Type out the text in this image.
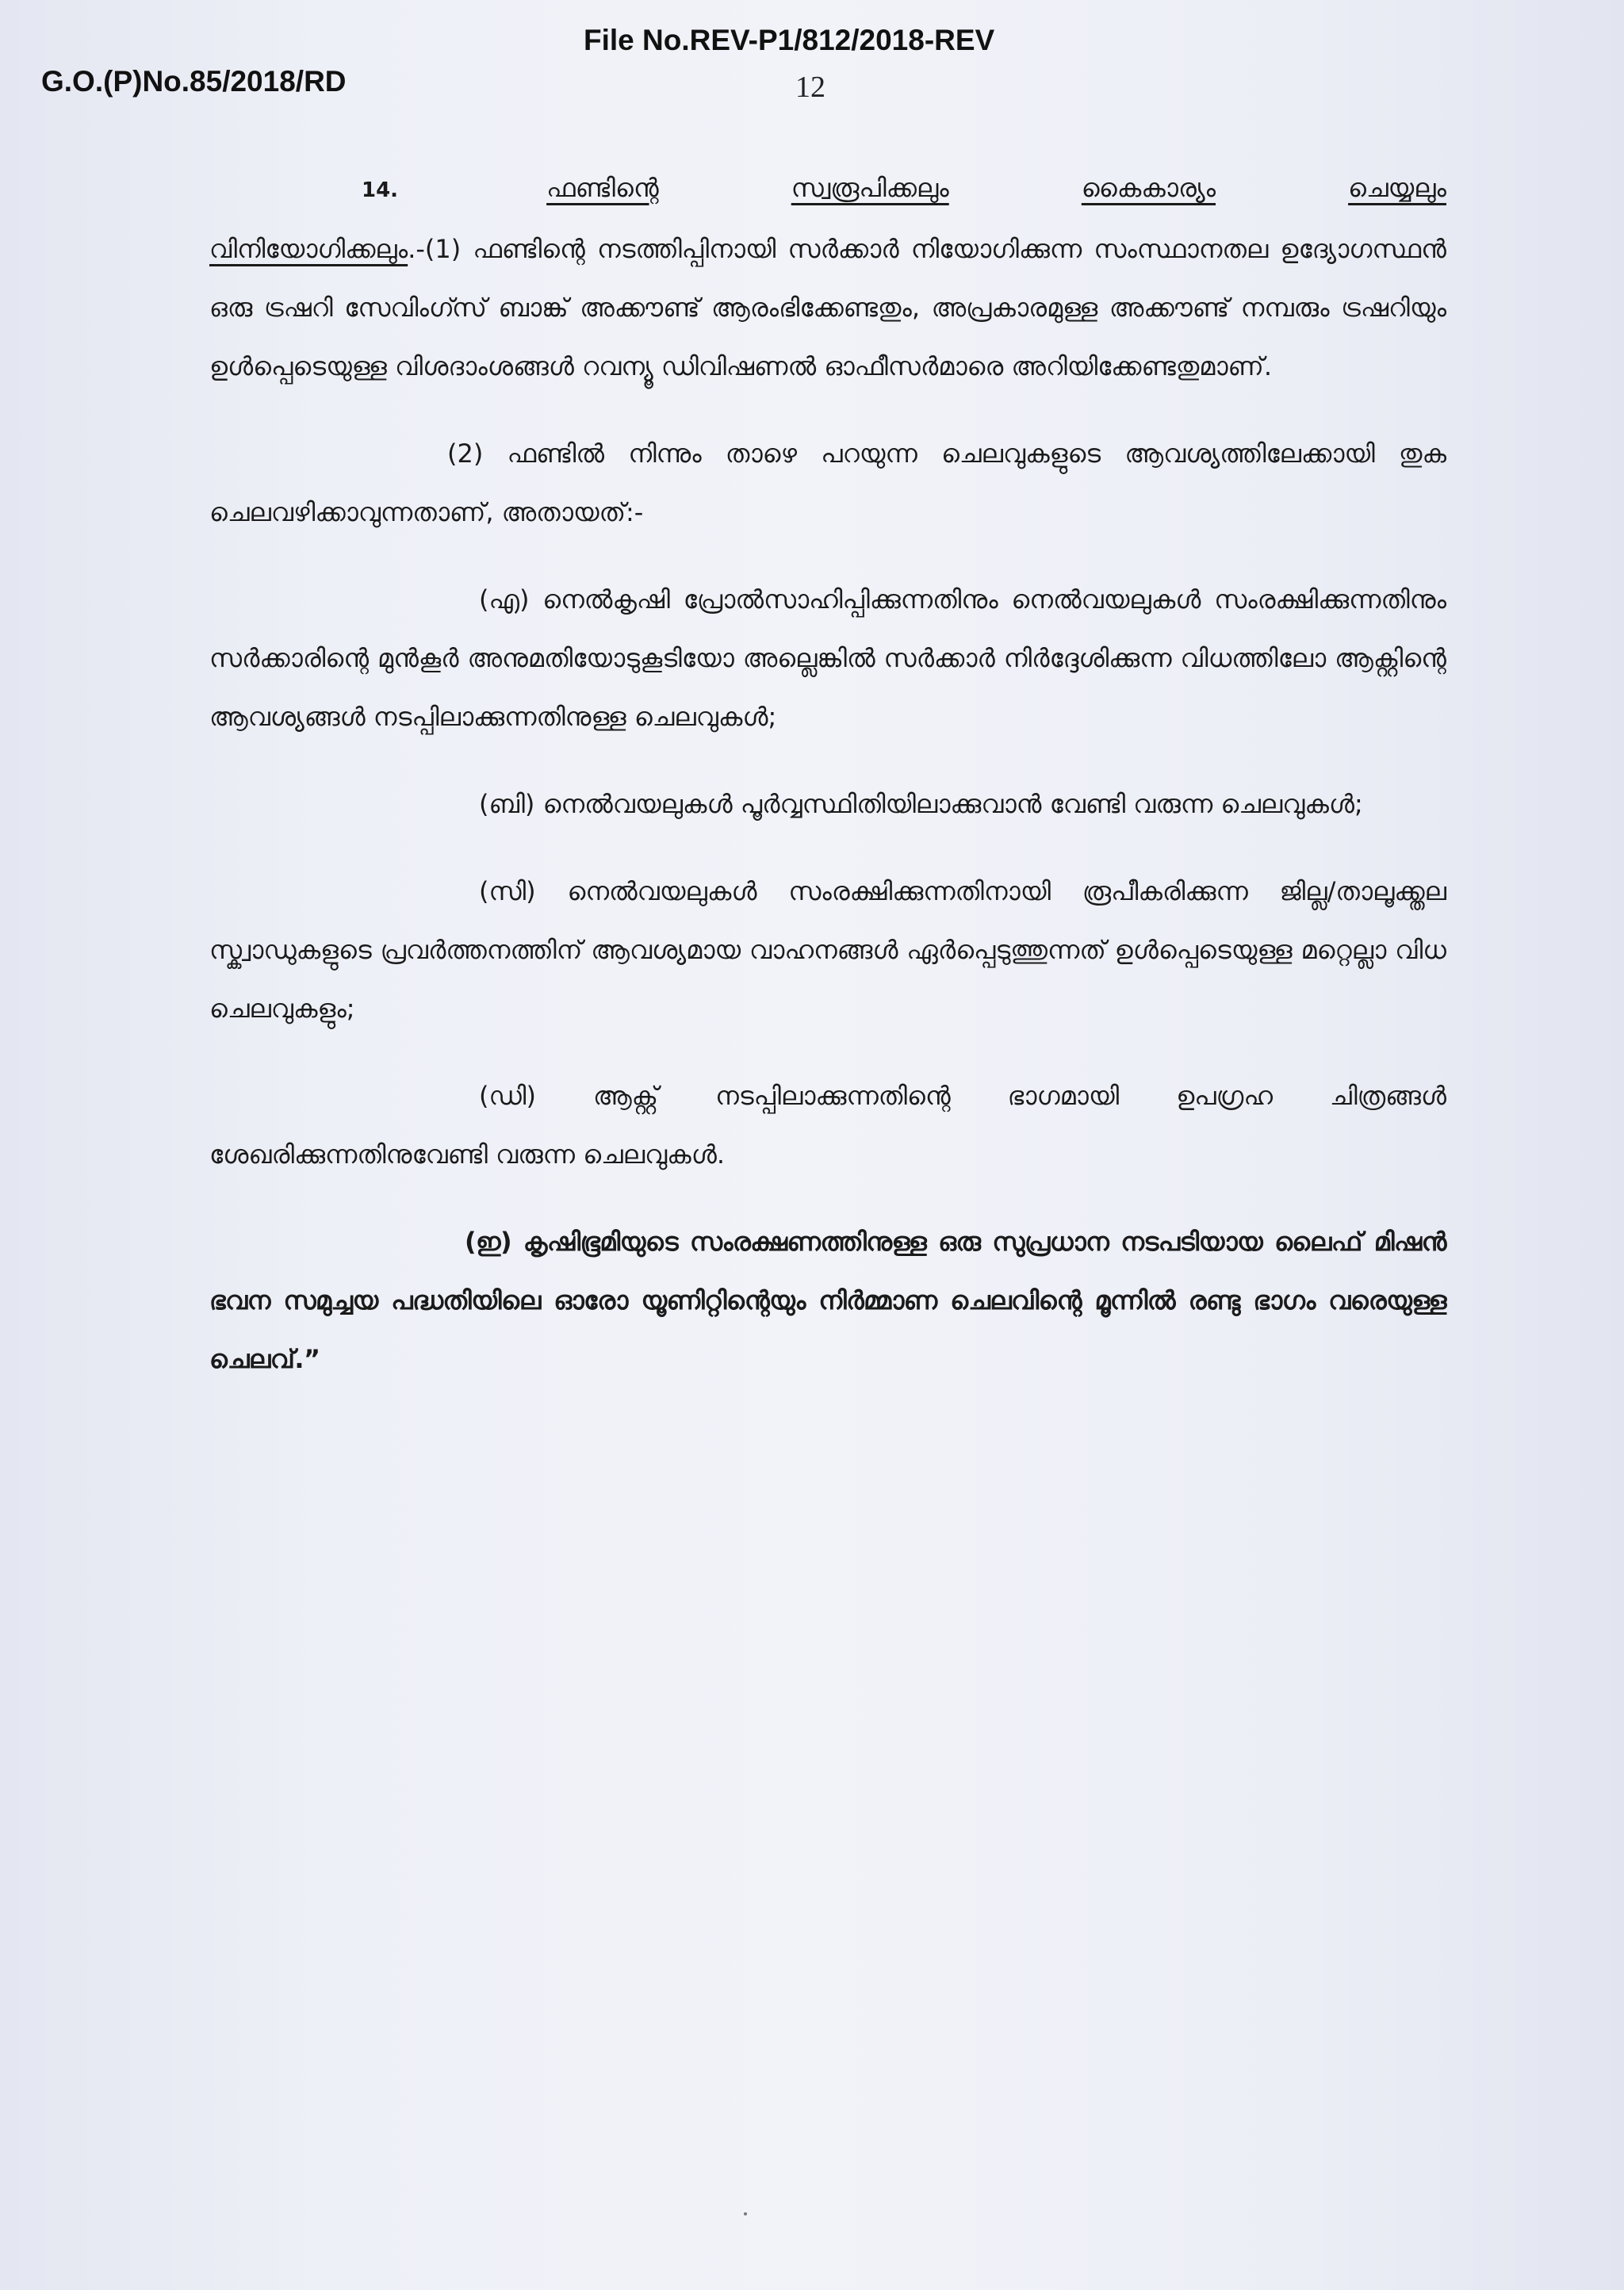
File No.REV-P1/812/2018-REV
G.O.(P)No.85/2018/RD	12
14.	ഫണ്ടിന്റെ	സ്വരൂപിക്കലും	കൈകാര്യം	ചെയ്യലും

വിനിയോഗിക്കലും.-(1) ഫണ്ടിന്റെ നടത്തിപ്പിനായി സർക്കാർ നിയോഗിക്കുന്ന സംസ്ഥാനതല ഉദ്യോഗസ്ഥൻ ഒരു ട്രഷറി സേവിംഗ്സ് ബാങ്ക് അക്കൗണ്ട് ആരംഭിക്കേണ്ടതും, അപ്രകാരമുള്ള അക്കൗണ്ട് നമ്പരും ട്രഷറിയും ഉൾപ്പെടെയുള്ള വിശദാംശങ്ങൾ റവന്യൂ ഡിവിഷണൽ ഓഫീസർമാരെ അറിയിക്കേണ്ടതുമാണ്.

(2) ഫണ്ടിൽ നിന്നും താഴെ പറയുന്ന ചെലവുകളുടെ ആവശ്യത്തിലേക്കായി തുക ചെലവഴിക്കാവുന്നതാണ്, അതായത്:-

(എ) നെൽകൃഷി പ്രോൽസാഹിപ്പിക്കുന്നതിനും നെൽവയലുകൾ സംരക്ഷിക്കുന്നതിനും സർക്കാരിന്റെ മുൻകൂർ അനുമതിയോടുകൂടിയോ അല്ലെങ്കിൽ സർക്കാർ നിർദ്ദേശിക്കുന്ന വിധത്തിലോ ആക്റ്റിന്റെ ആവശ്യങ്ങൾ നടപ്പിലാക്കുന്നതിനുള്ള ചെലവുകൾ;

(ബി) നെൽവയലുകൾ പൂർവ്വസ്ഥിതിയിലാക്കുവാൻ വേണ്ടി വരുന്ന ചെലവുകൾ;

(സി) നെൽവയലുകൾ സംരക്ഷിക്കുന്നതിനായി രൂപീകരിക്കുന്ന ജില്ല/താലൂക്ക്തല സ്ക്വാഡുകളുടെ പ്രവർത്തനത്തിന് ആവശ്യമായ വാഹനങ്ങൾ ഏർപ്പെടുത്തുന്നത് ഉൾപ്പെടെയുള്ള മറ്റെല്ലാ വിധ ചെലവുകളും;

(ഡി) ആക്റ്റ് നടപ്പിലാക്കുന്നതിന്റെ ഭാഗമായി ഉപഗ്രഹ ചിത്രങ്ങൾ ശേഖരിക്കുന്നതിനുവേണ്ടി വരുന്ന ചെലവുകൾ.

(ഇ) കൃഷിഭൂമിയുടെ സംരക്ഷണത്തിനുള്ള ഒരു സുപ്രധാന നടപടിയായ ലൈഫ് മിഷൻ ഭവന സമുച്ചയ പദ്ധതിയിലെ ഓരോ യൂണിറ്റിന്റെയും നിർമ്മാണ ചെലവിന്റെ മൂന്നിൽ രണ്ടു ഭാഗം വരെയുള്ള ചെലവ്.”
